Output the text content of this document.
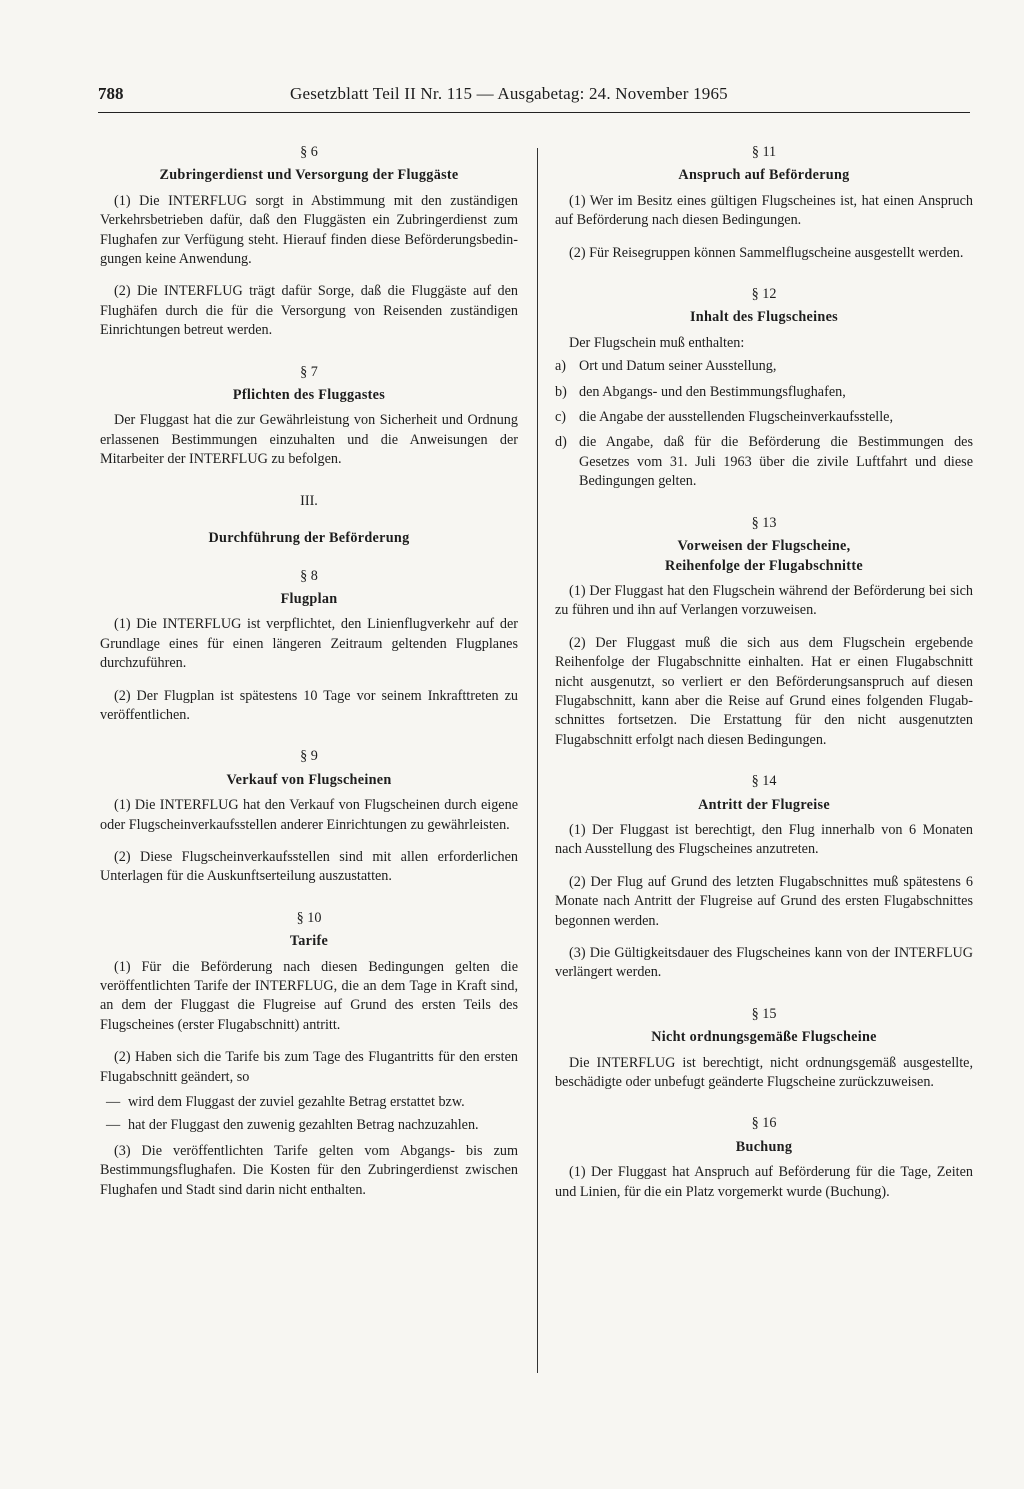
788	Gesetzblatt Teil II Nr. 115 — Ausgabetag: 24. November 1965

§ 6

Zubringerdienst und Versorgung der Fluggäste

(1) Die INTERFLUG sorgt in Abstimmung mit den zuständigen Verkehrsbetrieben dafür, daß den Fluggästen ein Zubringerdienst zum Flughafen zur Verfügung steht. Hierauf finden diese Beförderungsbedingungen keine Anwendung.

(2) Die INTERFLUG trägt dafür Sorge, daß die Fluggäste auf den Flughäfen durch die für die Versorgung von Reisenden zuständigen Einrichtungen betreut werden.

§ 7

Pflichten des Fluggastes

Der Fluggast hat die zur Gewährleistung von Sicherheit und Ordnung erlassenen Bestimmungen einzuhalten und die Anweisungen der Mitarbeiter der INTERFLUG zu befolgen.

III.

Durchführung der Beförderung

§ 8

Flugplan

(1) Die INTERFLUG ist verpflichtet, den Linienflugverkehr auf der Grundlage eines für einen längeren Zeitraum geltenden Flugplanes durchzuführen.

(2) Der Flugplan ist spätestens 10 Tage vor seinem Inkrafttreten zu veröffentlichen.

§ 9

Verkauf von Flugscheinen

(1) Die INTERFLUG hat den Verkauf von Flugscheinen durch eigene oder Flugscheinverkaufsstellen anderer Einrichtungen zu gewährleisten.

(2) Diese Flugscheinverkaufsstellen sind mit allen erforderlichen Unterlagen für die Auskunftserteilung auszustatten.

§ 10

Tarife

(1) Für die Beförderung nach diesen Bedingungen gelten die veröffentlichten Tarife der INTERFLUG, die an dem Tage in Kraft sind, an dem der Fluggast die Flugreise auf Grund des ersten Teils des Flugscheines (erster Flugabschnitt) antritt.

(2) Haben sich die Tarife bis zum Tage des Flugantritts für den ersten Flugabschnitt geändert, so

— wird dem Fluggast der zuviel gezahlte Betrag erstattet bzw.
— hat der Fluggast den zuwenig gezahlten Betrag nachzuzahlen.

(3) Die veröffentlichten Tarife gelten vom Abgangs- bis zum Bestimmungsflughafen. Die Kosten für den Zubringerdienst zwischen Flughafen und Stadt sind darin nicht enthalten.

§ 11

Anspruch auf Beförderung

(1) Wer im Besitz eines gültigen Flugscheines ist, hat einen Anspruch auf Beförderung nach diesen Bedingungen.

(2) Für Reisegruppen können Sammelflugscheine ausgestellt werden.

§ 12

Inhalt des Flugscheines

Der Flugschein muß enthalten:

a) Ort und Datum seiner Ausstellung,
b) den Abgangs- und den Bestimmungsflughafen,
c) die Angabe der ausstellenden Flugscheinverkaufsstelle,
d) die Angabe, daß für die Beförderung die Bestimmungen des Gesetzes vom 31. Juli 1963 über die zivile Luftfahrt und diese Bedingungen gelten.

§ 13

Vorweisen der Flugscheine,

Reihenfolge der Flugabschnitte

(1) Der Fluggast hat den Flugschein während der Beförderung bei sich zu führen und ihn auf Verlangen vorzuweisen.

(2) Der Fluggast muß die sich aus dem Flugschein ergebende Reihenfolge der Flugabschnitte einhalten. Hat er einen Flugabschnitt nicht ausgenutzt, so verliert er den Beförderungsanspruch auf diesen Flugabschnitt, kann aber die Reise auf Grund eines folgenden Flugabschnittes fortsetzen. Die Erstattung für den nicht ausgenutzten Flugabschnitt erfolgt nach diesen Bedingungen.

§ 14

Antritt der Flugreise

(1) Der Fluggast ist berechtigt, den Flug innerhalb von 6 Monaten nach Ausstellung des Flugscheines anzutreten.

(2) Der Flug auf Grund des letzten Flugabschnittes muß spätestens 6 Monate nach Antritt der Flugreise auf Grund des ersten Flugabschnittes begonnen werden.

(3) Die Gültigkeitsdauer des Flugscheines kann von der INTERFLUG verlängert werden.

§ 15

Nicht ordnungsgemäße Flugscheine

Die INTERFLUG ist berechtigt, nicht ordnungsgemäß ausgestellte, beschädigte oder unbefugt geänderte Flugscheine zurückzuweisen.

§ 16

Buchung

(1) Der Fluggast hat Anspruch auf Beförderung für die Tage, Zeiten und Linien, für die ein Platz vorgemerkt wurde (Buchung).
